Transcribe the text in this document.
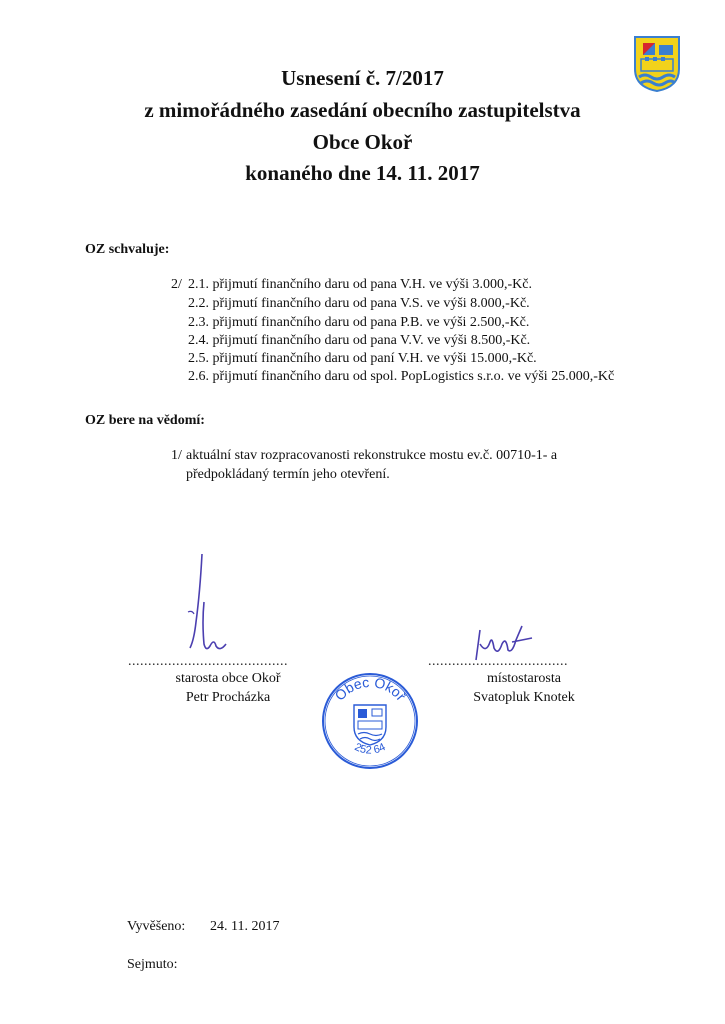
Usnesení č. 7/2017
z mimořádného zasedání obecního zastupitelstva
Obce Okoř
konaného dne 14. 11. 2017
OZ schvaluje:
2/ 2.1. přijmutí finančního daru od pana V.H. ve výši 3.000,-Kč.
2.2. přijmutí finančního daru od pana V.S. ve výši 8.000,-Kč.
2.3. přijmutí finančního daru od pana P.B. ve výši 2.500,-Kč.
2.4. přijmutí finančního daru od pana V.V. ve výši 8.500,-Kč.
2.5. přijmutí finančního daru od paní V.H. ve výši 15.000,-Kč.
2.6. přijmutí finančního daru od spol. PopLogistics s.r.o. ve výši 25.000,-Kč
OZ bere na vědomí:
1/ aktuální stav rozpracovanosti rekonstrukce mostu ev.č. 00710-1- a
předpokládaný termín jeho otevření.
........................................
starosta obce Okoř
Petr Procházka
...................................
místostarosta
Svatopluk Knotek
Obec Okoř
252 64
Vyvěšeno: 24. 11. 2017
Sejmuto:
